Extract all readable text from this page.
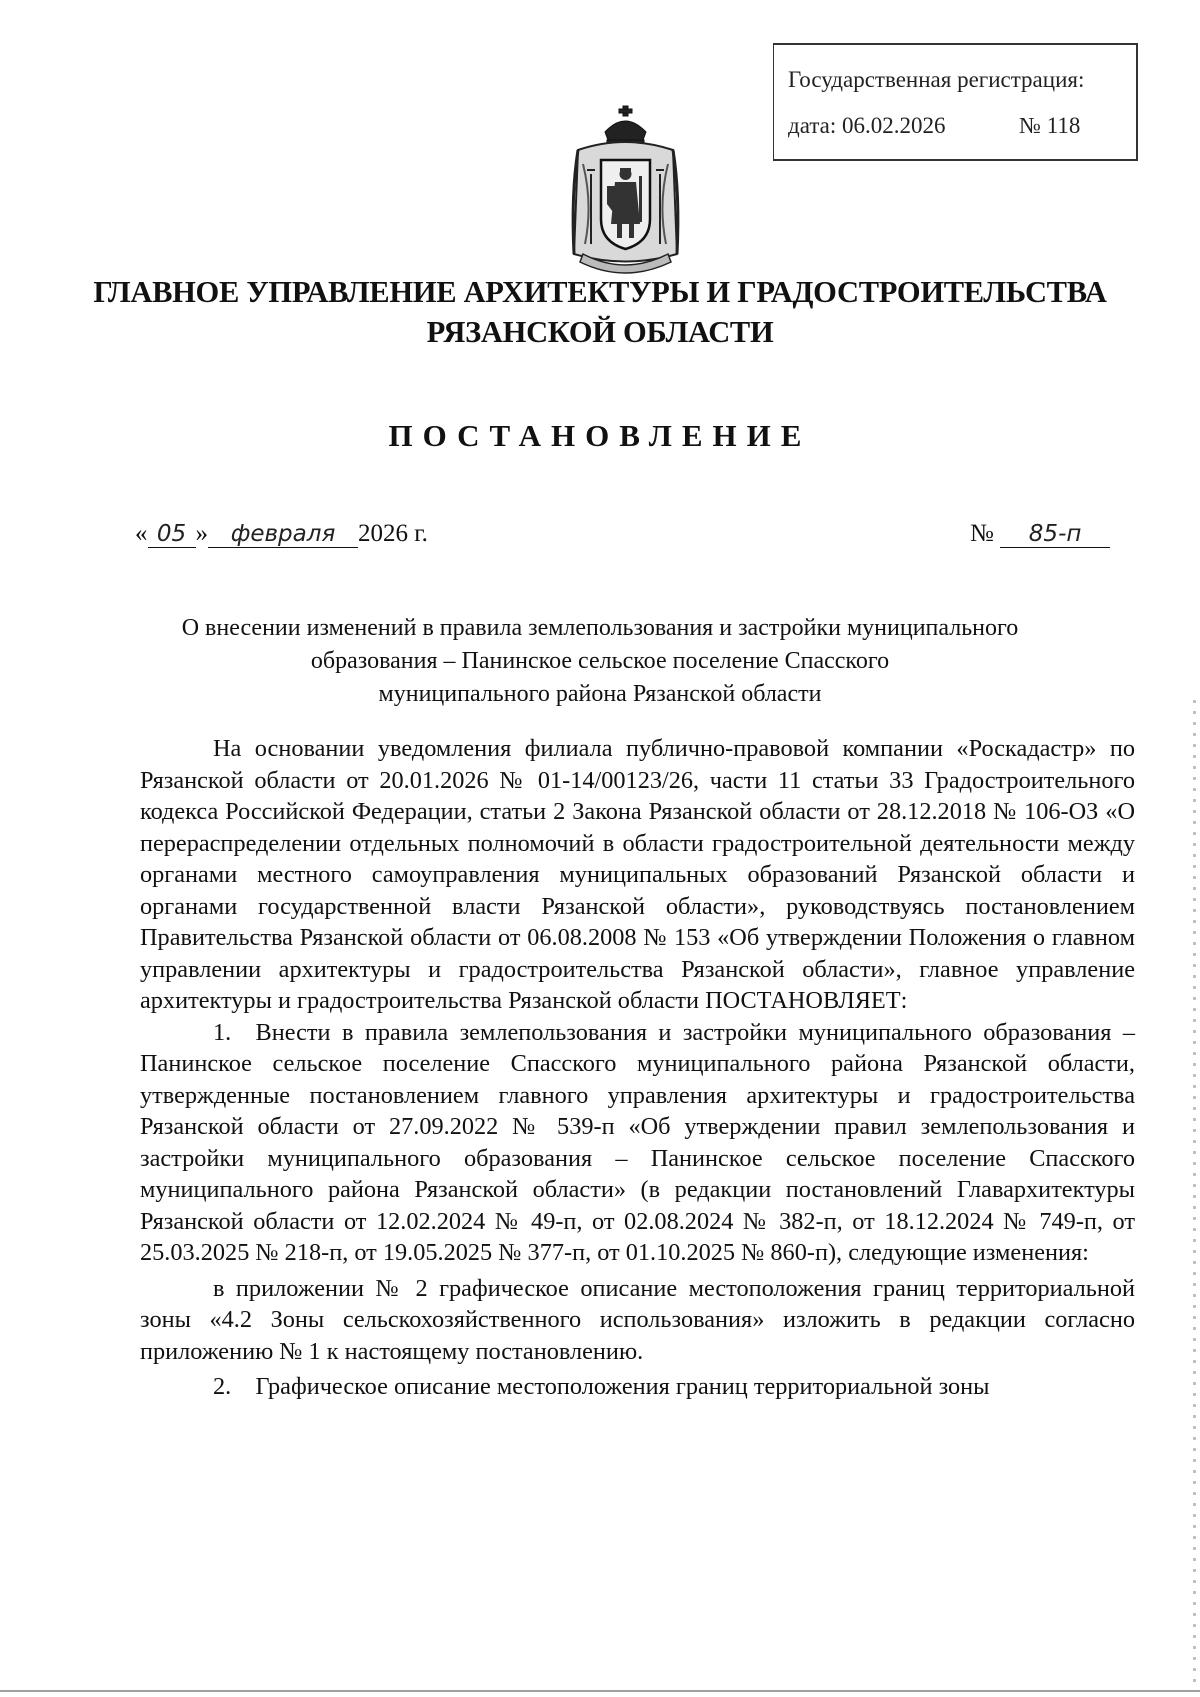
Государственная регистрация:
дата: 06.02.2026	№ 118
ГЛАВНОЕ УПРАВЛЕНИЕ АРХИТЕКТУРЫ И ГРАДОСТРОИТЕЛЬСТВА
РЯЗАНСКОЙ ОБЛАСТИ
ПОСТАНОВЛЕНИЕ
« 05 » февраля 2026 г.	№ 85-п
О внесении изменений в правила землепользования и застройки муниципального
образования – Панинское сельское поселение Спасского
муниципального района Рязанской области

На основании уведомления филиала публично-правовой компании «Роскадастр» по Рязанской области от 20.01.2026 № 01-14/00123/26, части 11 статьи 33 Градостроительного кодекса Российской Федерации, статьи 2 Закона Рязанской области от 28.12.2018 № 106-ОЗ «О перераспределении отдельных полномочий в области градостроительной деятельности между органами местного самоуправления муниципальных образований Рязанской области и органами государственной власти Рязанской области», руководствуясь постановлением Правительства Рязанской области от 06.08.2008 № 153 «Об утверждении Положения о главном управлении архитектуры и градостроительства Рязанской области», главное управление архитектуры и градостроительства Рязанской области ПОСТАНОВЛЯЕТ:

1. Внести в правила землепользования и застройки муниципального образования – Панинское сельское поселение Спасского муниципального района Рязанской области, утвержденные постановлением главного управления архитектуры и градостроительства Рязанской области от 27.09.2022 № 539-п «Об утверждении правил землепользования и застройки муниципального образования – Панинское сельское поселение Спасского муниципального района Рязанской области» (в редакции постановлений Главархитектуры Рязанской области от 12.02.2024 № 49-п, от 02.08.2024 № 382-п, от 18.12.2024 № 749-п, от 25.03.2025 № 218-п, от 19.05.2025 № 377-п, от 01.10.2025 № 860-п), следующие изменения:

в приложении № 2 графическое описание местоположения границ территориальной зоны «4.2 Зоны сельскохозяйственного использования» изложить в редакции согласно приложению № 1 к настоящему постановлению.

2. Графическое описание местоположения границ территориальной зоны
